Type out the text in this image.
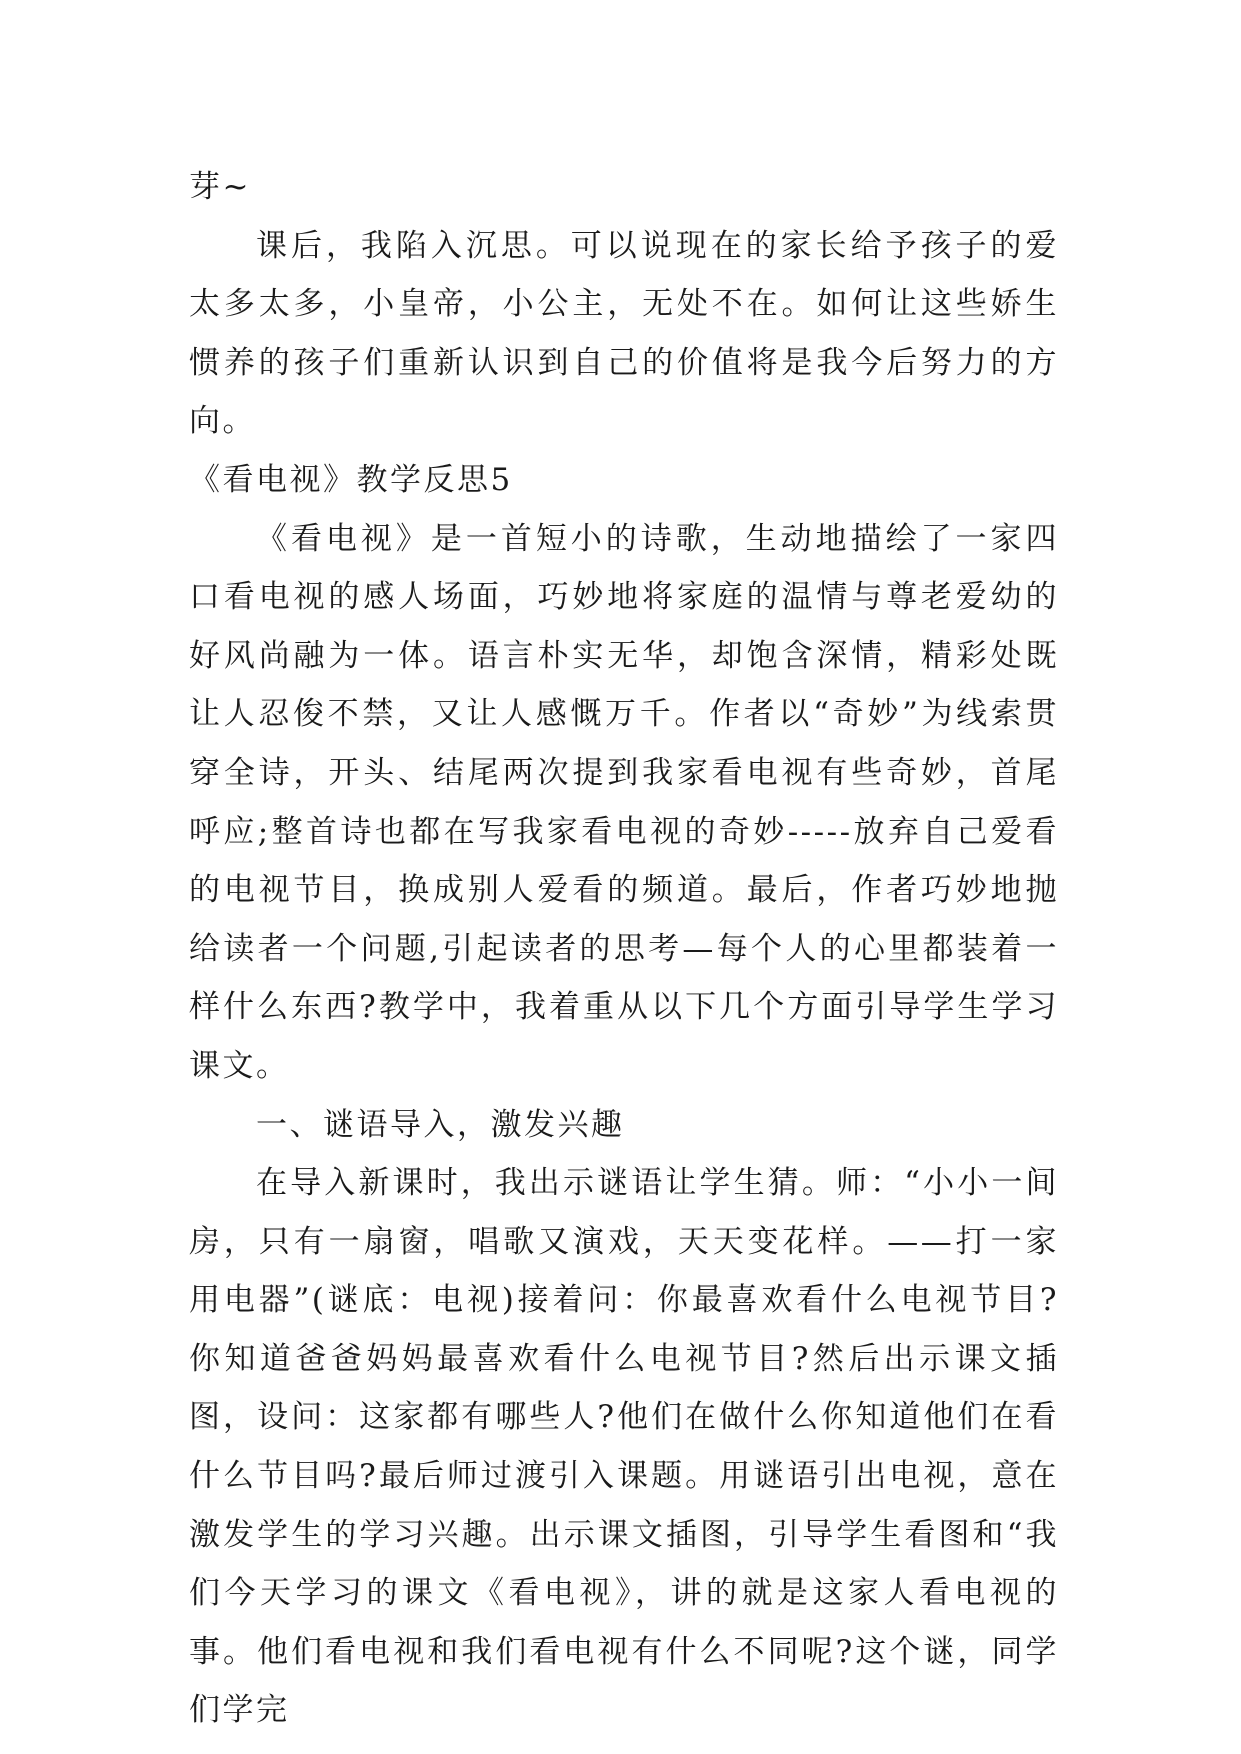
芽~

课后，我陷入沉思。可以说现在的家长给予孩子的爱太多太多，小皇帝，小公主，无处不在。如何让这些娇生惯养的孩子们重新认识到自己的价值将是我今后努力的方向。

《看电视》教学反思5

《看电视》是一首短小的诗歌，生动地描绘了一家四口看电视的感人场面，巧妙地将家庭的温情与尊老爱幼的好风尚融为一体。语言朴实无华，却饱含深情，精彩处既让人忍俊不禁，又让人感慨万千。作者以“奇妙”为线索贯穿全诗，开头、结尾两次提到我家看电视有些奇妙，首尾呼应;整首诗也都在写我家看电视的奇妙-----放弃自己爱看的电视节目，换成别人爱看的频道。最后，作者巧妙地抛给读者一个问题,引起读者的思考—每个人的心里都装着一样什么东西?教学中，我着重从以下几个方面引导学生学习课文。

一、谜语导入，激发兴趣

在导入新课时，我出示谜语让学生猜。师：“小小一间房，只有一扇窗，唱歌又演戏，天天变花样。——打一家用电器”(谜底：电视)接着问：你最喜欢看什么电视节目?你知道爸爸妈妈最喜欢看什么电视节目?然后出示课文插图，设问：这家都有哪些人?他们在做什么你知道他们在看什么节目吗?最后师过渡引入课题。用谜语引出电视，意在激发学生的学习兴趣。出示课文插图，引导学生看图和“我们今天学习的课文《看电视》，讲的就是这家人看电视的事。他们看电视和我们看电视有什么不同呢?这个谜，同学们学完
